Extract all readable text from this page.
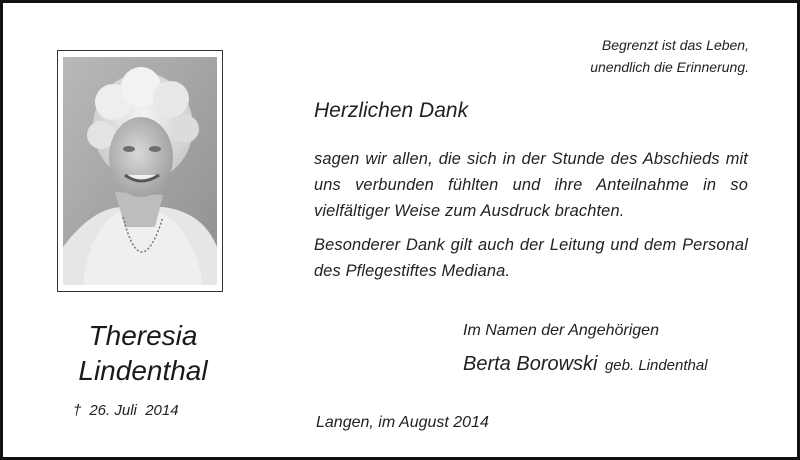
Begrenzt ist das Leben,
unendlich die Erinnerung.
Herzlichen Dank
sagen wir allen, die sich in der Stunde des Abschieds mit uns verbunden fühlten und ihre Anteilnahme in so vielfältiger Weise zum Ausdruck brachten.
Besonderer Dank gilt auch der Leitung und dem Personal des Pflegestiftes Mediana.
Theresia
Lindenthal
† 26. Juli  2014
Im Namen der Angehörigen
Berta Borowski geb. Lindenthal
Langen, im August 2014
